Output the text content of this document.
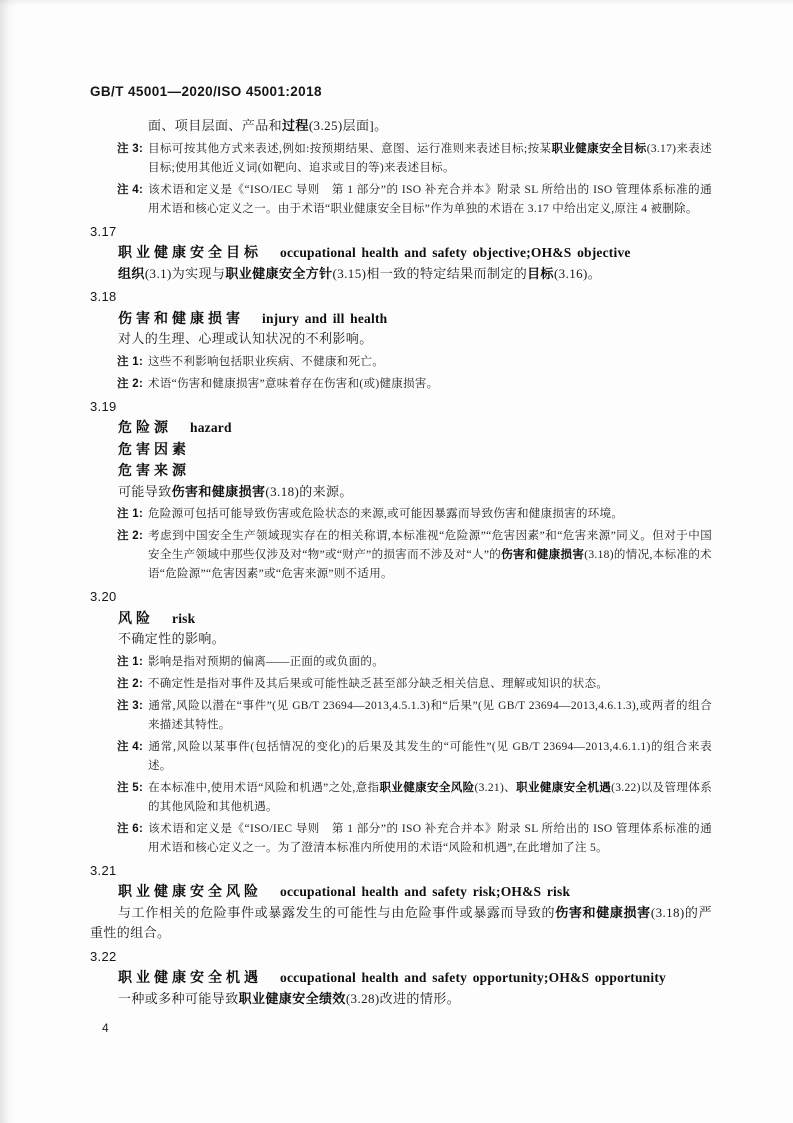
GB/T 45001—2020/ISO 45001:2018
面、项目层面、产品和过程(3.25)层面]。
注 3: 目标可按其他方式来表述,例如:按预期结果、意图、运行准则来表述目标;按某职业健康安全目标(3.17)来表述目标;使用其他近义词(如靶向、追求或目的等)来表述目标。
注 4: 该术语和定义是《“ISO/IEC 导则　第 1 部分”的 ISO 补充合并本》附录 SL 所给出的 ISO 管理体系标准的通用术语和核心定义之一。由于术语“职业健康安全目标”作为单独的术语在 3.17 中给出定义,原注 4 被删除。
3.17
职业健康安全目标 occupational health and safety objective;OH&S objective
组织(3.1)为实现与职业健康安全方针(3.15)相一致的特定结果而制定的目标(3.16)。
3.18
伤害和健康损害 injury and ill health
对人的生理、心理或认知状况的不利影响。
注 1: 这些不利影响包括职业疾病、不健康和死亡。
注 2: 术语“伤害和健康损害”意味着存在伤害和(或)健康损害。
3.19
危险源 hazard
危害因素
危害来源
可能导致伤害和健康损害(3.18)的来源。
注 1: 危险源可包括可能导致伤害或危险状态的来源,或可能因暴露而导致伤害和健康损害的环境。
注 2: 考虑到中国安全生产领域现实存在的相关称谓,本标准视“危险源”“危害因素”和“危害来源”同义。但对于中国安全生产领域中那些仅涉及对“物”或“财产”的损害而不涉及对“人”的伤害和健康损害(3.18)的情况,本标准的术语“危险源”“危害因素”或“危害来源”则不适用。
3.20
风险 risk
不确定性的影响。
注 1: 影响是指对预期的偏离——正面的或负面的。
注 2: 不确定性是指对事件及其后果或可能性缺乏甚至部分缺乏相关信息、理解或知识的状态。
注 3: 通常,风险以潜在“事件”(见 GB/T 23694—2013,4.5.1.3)和“后果”(见 GB/T 23694—2013,4.6.1.3),或两者的组合来描述其特性。
注 4: 通常,风险以某事件(包括情况的变化)的后果及其发生的“可能性”(见 GB/T 23694—2013,4.6.1.1)的组合来表述。
注 5: 在本标准中,使用术语“风险和机遇”之处,意指职业健康安全风险(3.21)、职业健康安全机遇(3.22)以及管理体系的其他风险和其他机遇。
注 6: 该术语和定义是《“ISO/IEC 导则　第 1 部分”的 ISO 补充合并本》附录 SL 所给出的 ISO 管理体系标准的通用术语和核心定义之一。为了澄清本标准内所使用的术语“风险和机遇”,在此增加了注 5。
3.21
职业健康安全风险 occupational health and safety risk;OH&S risk
与工作相关的危险事件或暴露发生的可能性与由危险事件或暴露而导致的伤害和健康损害(3.18)的严重性的组合。
3.22
职业健康安全机遇 occupational health and safety opportunity;OH&S opportunity
一种或多种可能导致职业健康安全绩效(3.28)改进的情形。
4
